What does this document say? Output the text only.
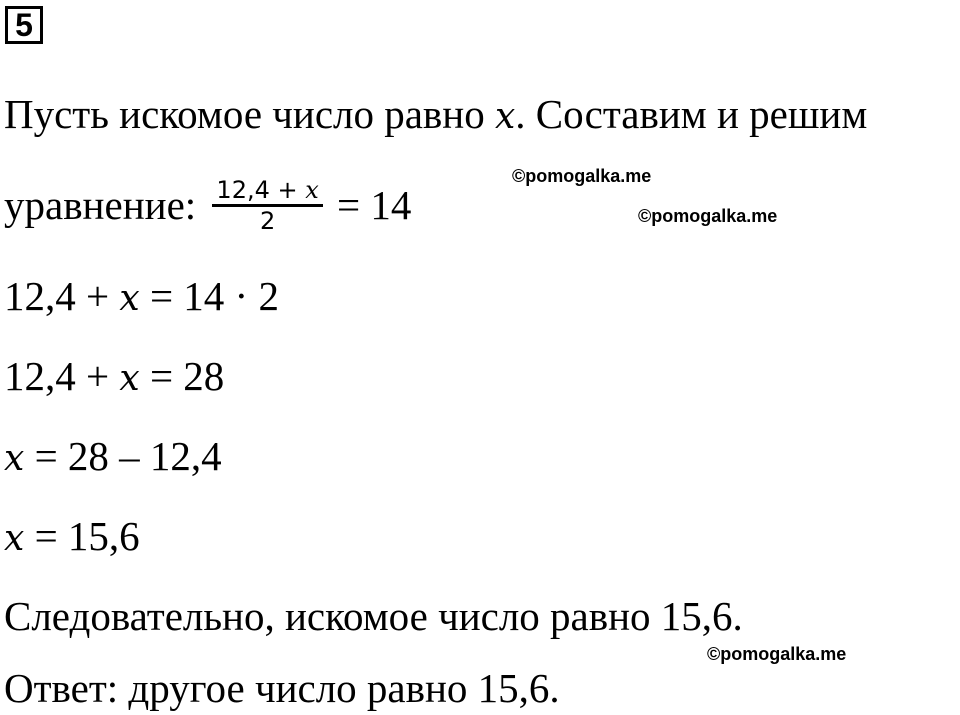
5
Пусть искомое число равно x. Составим и решим
уравнение: $\frac{12,4 + x}{2} = 14$
12,4 + x = 14 · 2
12,4 + x = 28
x = 28 – 12,4
x = 15,6
Следовательно, искомое число равно 15,6.
Ответ: другое число равно 15,6.
©pomogalka.me
©pomogalka.me
©pomogalka.me
